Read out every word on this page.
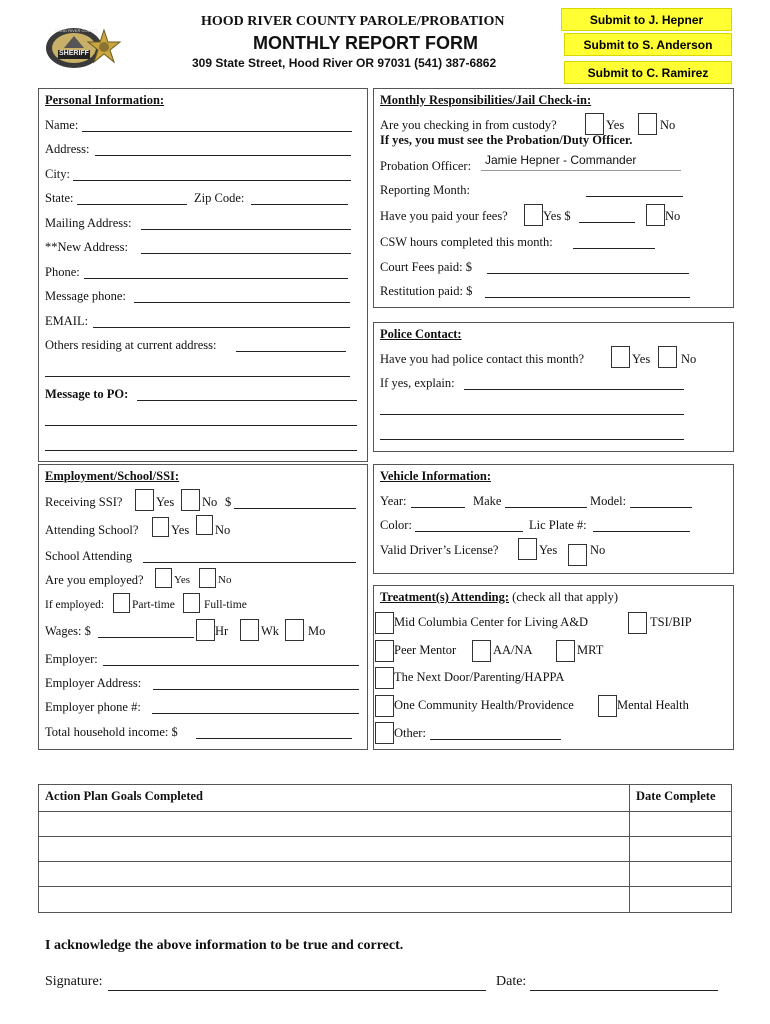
HOOD RIVER COUNTY
SHERIFF
HOOD RIVER COUNTY PAROLE/PROBATION
MONTHLY REPORT FORM
309 State Street, Hood River OR 97031 (541) 387-6862
Submit to J. Hepner
Submit to S. Anderson
Submit to C. Ramirez
Personal Information:
Name:
Address:
City:
State:	Zip Code:
Mailing Address:
**New Address:
Phone:
Message phone:
EMAIL:
Others residing at current address:
Message to PO:
Monthly Responsibilities/Jail Check-in:
Are you checking in from custody?	Yes	No
If yes, you must see the Probation/Duty Officer.
Probation Officer: Jamie Hepner - Commander
Reporting Month:
Have you paid your fees?	Yes $	No
CSW hours completed this month:
Court Fees paid: $
Restitution paid: $
Police Contact:
Have you had police contact this month?	Yes No
If yes, explain:
Employment/School/SSI:
Receiving SSI?	Yes No $
Attending School?	Yes No
School Attending
Are you employed?	Yes	No
If employed: Part-time	Full-time
Wages: $	Hr	Wk Mo
Employer:
Employer Address:
Employer phone #:
Total household income: $
Vehicle Information:
Year:	Make	Model:
Color:	Lic Plate #:
Valid Driver’s License?	Yes	No
Treatment(s) Attending: (check all that apply)
Mid Columbia Center for Living A&D	TSI/BIP
Peer Mentor	AA/NA	MRT
The Next Door/Parenting/HAPPA
One Community Health/Providence	Mental Health
Other:
Action Plan Goals Completed	Date Complete
I acknowledge the above information to be true and correct.
Signature:	Date:
